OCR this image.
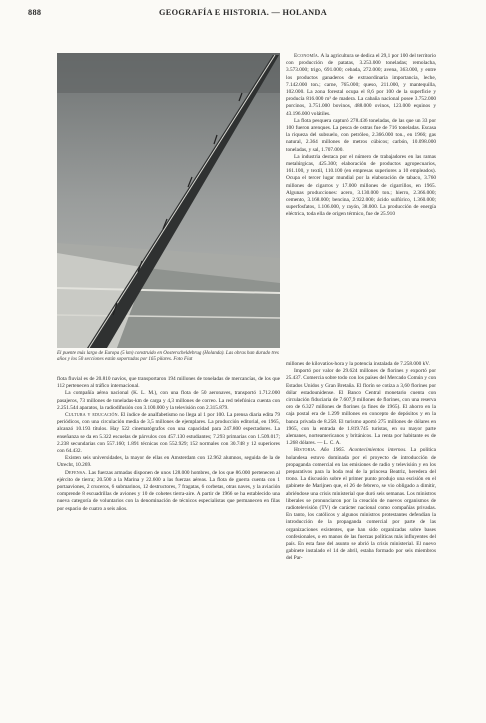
888	GEOGRAFÍA E HISTORIA. — HOLANDA
El puente más largo de Europa (5 km) construido en Oosterscheldebrug (Holanda). Las obras han durado tres años y los 50 secciones están soportadas por 165 pilares. Foto Fiat

Economía. A la agricultura se dedica el 29,1 por 100 del territorio con producción de patatas, 3.253.000 toneladas; remolacha, 3.573.000; trigo, 691.000; cebada, 272.000; avena, 363.000, y entre los productos ganaderos de extraordinaria importancia, leche, 7.142.000 ton.; carne, 765.000; queso, 211.000, y mantequilla, 102.000. La zona forestal ocupa el 8,6 por 100 de la superficie y producía 816.000 m³ de madera. La cabaña nacional posee 3.752.000 porcinos, 3.751.000 bovinos, 488.000 ovinos, 123.000 equinos y 43.196.000 volátiles.

La flota pesquera capturó 278.436 toneladas, de las que un 33 por 100 fueron arenques. La pesca de ostras fue de 716 toneladas. Escasa la riqueza del subsuelo, con petróleo, 2.366.000 ton., en 1966; gas natural, 2.364 millones de metros cúbicos; carbón, 10.098.000 toneladas, y sal, 1.707.000.

La industria destaca por el número de trabajadores en las ramas metalúrgicas, 425.300; elaboración de productos agropecuarios, 161.100, y textil, 110.100 (en empresas superiores a 10 empleados). Ocupa el tercer lugar mundial por la elaboración de tabaco, 3.760 millones de cigarros y 17.000 millones de cigarrillos, en 1965. Algunas producciones: acero, 3.130.000 ton.; hierro, 2.366.000; cemento, 3.168.000; bencina, 2.922.000; ácido sulfúrico, 1.360.000; superfosfatos, 1.106.000, y rayón, 38.000. La producción de energía eléctrica, toda ella de origen térmico, fue de 25.910

millones de kilovatios-hora y la potencia instalada de 7.258.000 kV.

Importó por valor de 29.624 millones de florines y exportó por 25.437. Comercia sobre todo con los países del Mercado Común y con Estados Unidos y Gran Bretaña. El florín se cotiza a 3,60 florines por dólar estadounidense. El Banco Central monetario cuenta con circulación fiduciaria de 7.607,9 millones de florines, con una reserva oro de 6.327 millones de florines (a fines de 1965). El ahorro en la caja postal era de 1.299 millones en concepto de depósitos y en la banca privada de 8.258. El turismo aportó 275 millones de dólares en 1965, con la entrada de 1.819.745 turistas, en su mayor parte alemanes, norteamericanos y británicos. La renta por habitante es de 1.268 dólares. — L. C. A.

Historia. Año 1965. Acontecimientos internos. La política holandesa estuvo dominada por el proyecto de introducción de propaganda comercial en las emisiones de radio y televisión y en los preparativos para la boda real de la princesa Beatriz, heredera del trono. La discusión sobre el primer punto produjo una escisión en el gabinete de Marijnen que, el 26 de febrero, se vio obligado a dimitir, abriéndose una crisis ministerial que duró seis semanas. Los ministros liberales se pronunciaron por la creación de nuevos organismos de radiotelevisión (TV) de carácter nacional como compañías privadas. En tanto, los católicos y algunos ministros protestantes defendían la introducción de la propaganda comercial por parte de las organizaciones existentes, que han sido organizadas sobre bases confesionales, o en manos de las fuerzas políticas más influyentes del país. En esta fase del asunto se abrió la crisis ministerial. El nuevo gabinete instalado el 14 de abril, estaba formado por seis miembros del Par-

flota fluvial es de 20.810 navíos, que transportaron 194 millones de toneladas de mercancías, de los que 112 pertenecen al tráfico internacional.

La compañía aérea nacional (K. L. M.), con una flota de 50 aeronaves, transportó 1.712.000 pasajeros, 73 millones de toneladas-km de carga y 4,3 millones de correo. La red telefónica cuenta con 2.251.544 aparatos, la radiodifusión con 3.100.000 y la televisión con 2.315.879.

Cultura y educación. El índice de analfabetismo no llega al 1 por 100. La prensa diaria edita 79 periódicos, con una circulación media de 3,5 millones de ejemplares. La producción editorial, en 1965, alcanzó 10.193 títulos. Hay 522 cinematógrafos con una capacidad para 247.800 espectadores. La enseñanza se da en 5.322 escuelas de párvulos con 457.130 estudiantes; 7.293 primarias con 1.509.017; 2.238 secundarias con 557.160; 1.891 técnicas con 552.929; 152 normales con 30.748 y 12 superiores con 64.432.

Existen seis universidades, la mayor de ellas en Amsterdam con 12.962 alumnos, seguida de la de Utrecht, 10.269.

Defensa. Las fuerzas armadas disponen de unos 128.000 hombres, de los que 86.000 pertenecen al ejército de tierra; 20.500 a la Marina y 22.600 a las fuerzas aéreas. La flota de guerra cuenta con 1 portaaviones, 2 cruceros, 6 submarinos, 12 destructores, 7 fragatas, 6 corbetas, otras naves, y la aviación comprende 8 escuadrillas de aviones y 10 de cohetes tierra-aire. A partir de 1966 se ha establecido una nueva categoría de voluntarios con la denominación de técnicos especialistas que permanecen en filas por espacio de cuatro a seis años.
